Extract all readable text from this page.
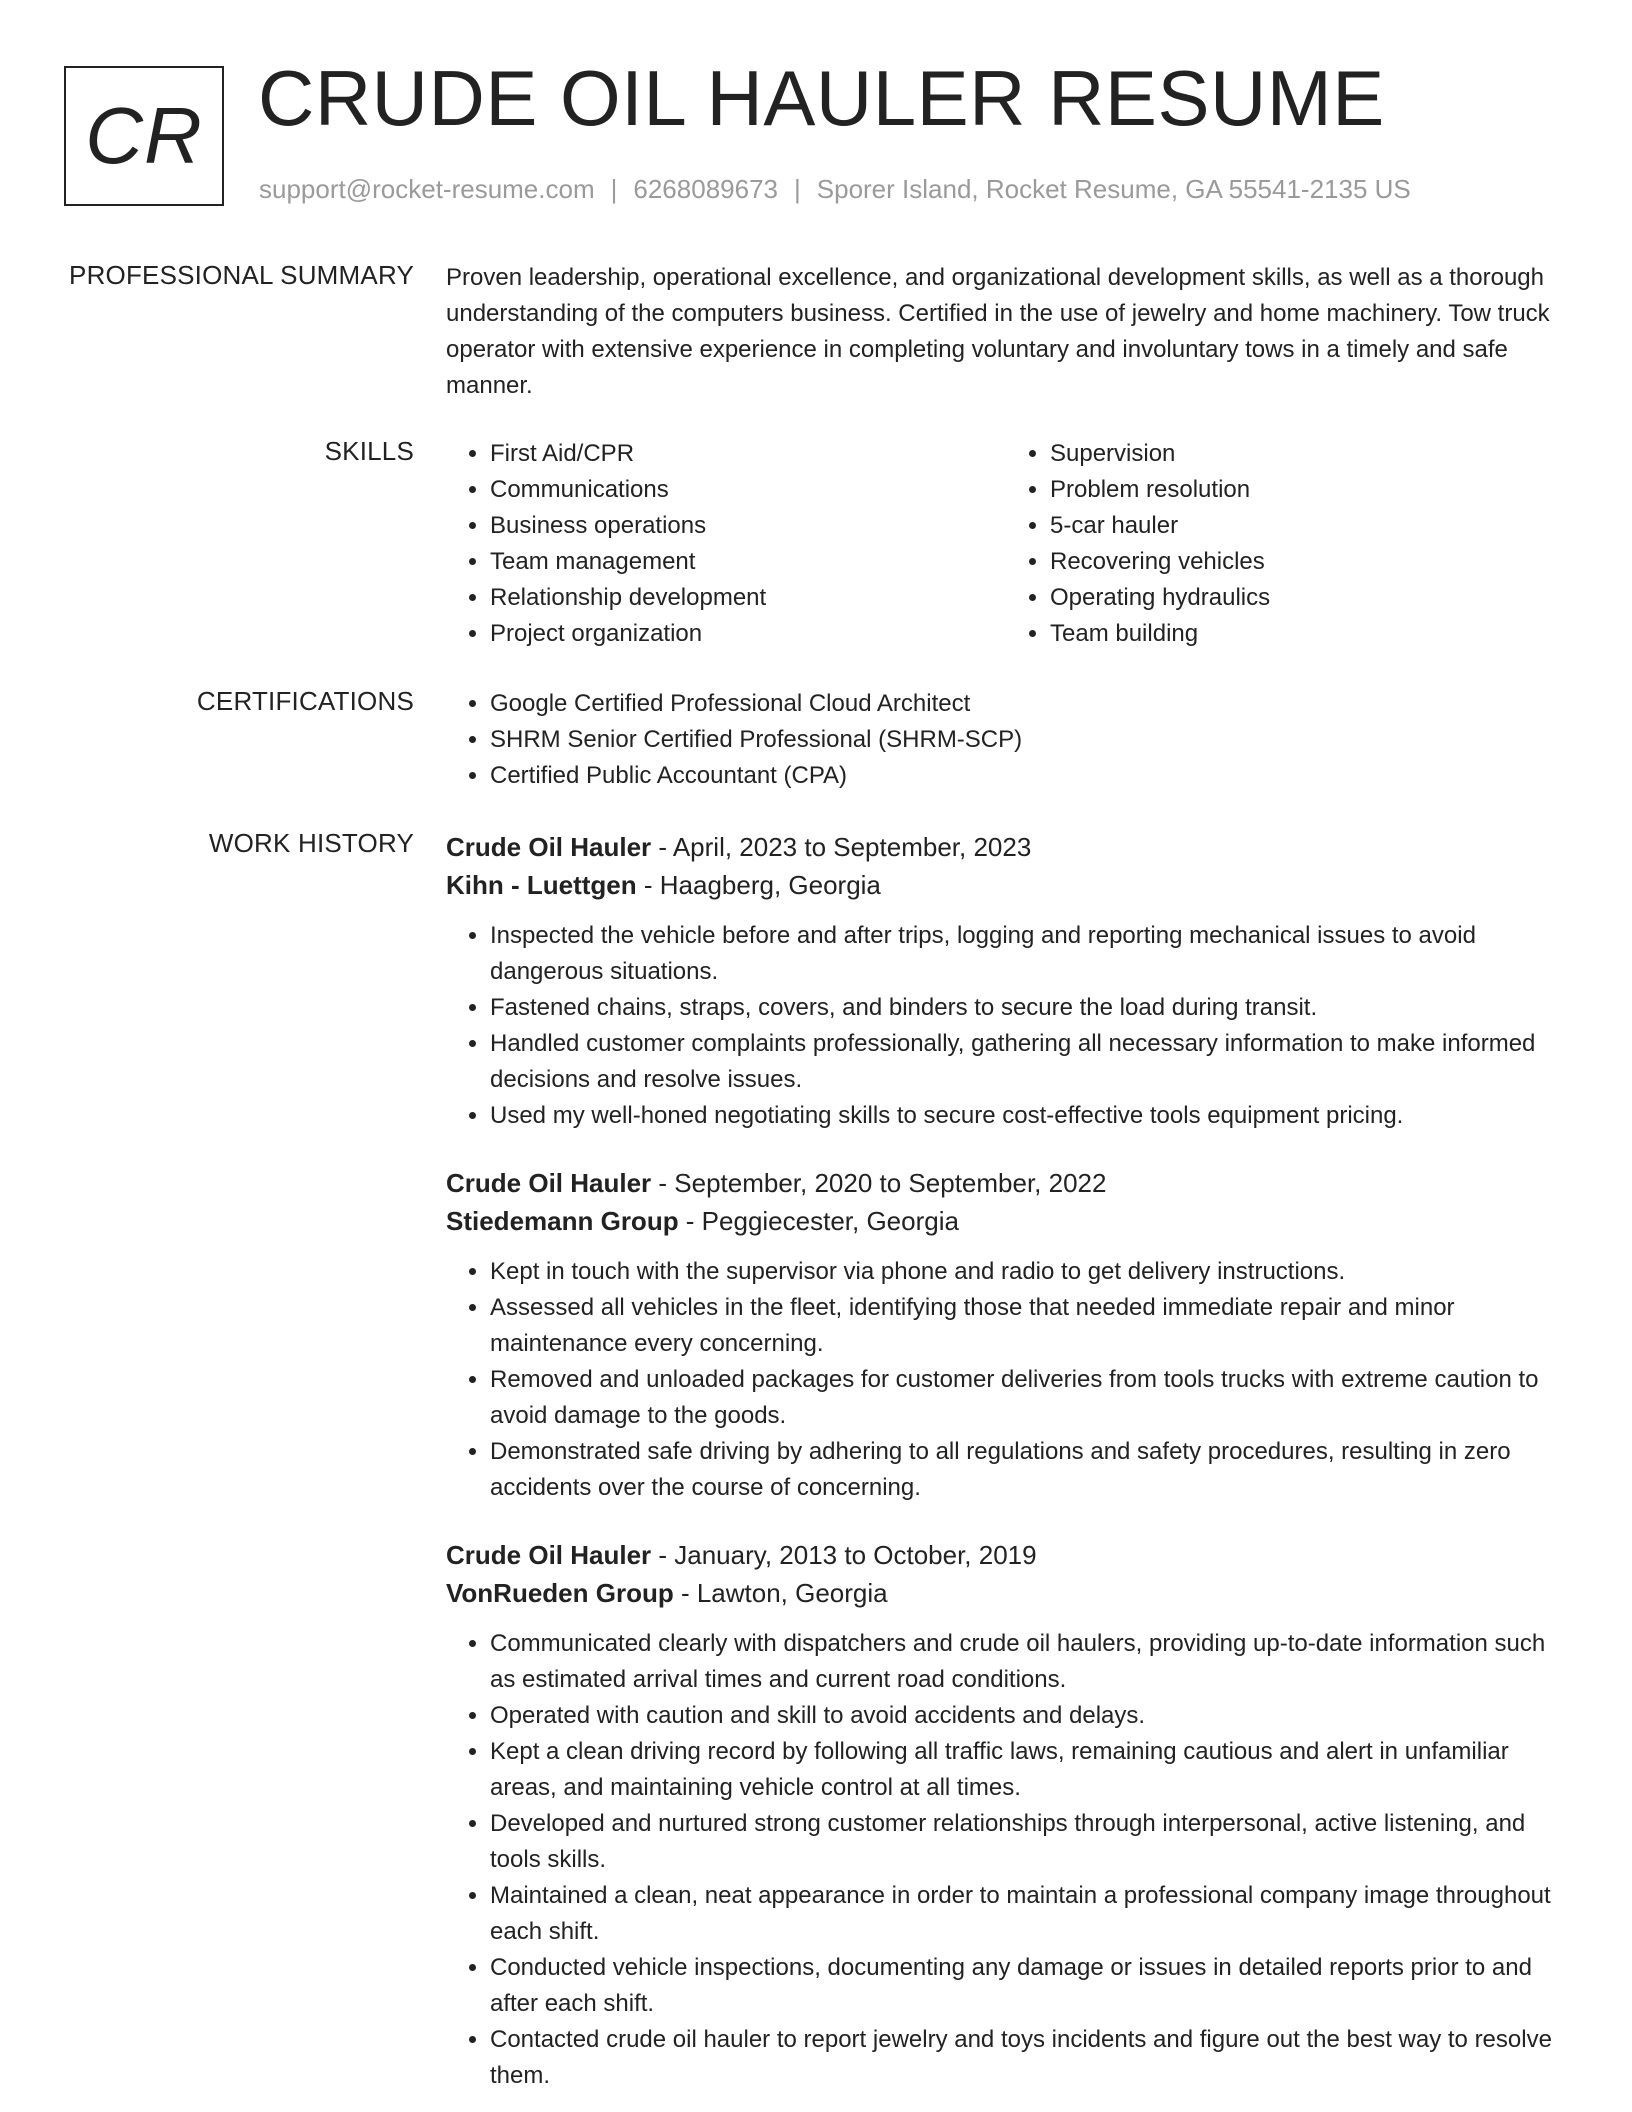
CR CRUDE OIL HAULER RESUME
support@rocket-resume.com | 6268089673 | Sporer Island, Rocket Resume, GA 55541-2135 US
PROFESSIONAL SUMMARY Proven leadership, operational excellence, and organizational development skills, as well as a thorough understanding of the computers business. Certified in the use of jewelry and home machinery. Tow truck operator with extensive experience in completing voluntary and involuntary tows in a timely and safe manner.

SKILLS	• First Aid/CPR
• Communications
• Business operations
• Team management
• Relationship development
• Project organization
• Supervision
• Problem resolution
• 5-car hauler
• Recovering vehicles
• Operating hydraulics
• Team building
CERTIFICATIONS	• Google Certified Professional Cloud Architect
• SHRM Senior Certified Professional (SHRM-SCP)
• Certified Public Accountant (CPA)
WORK HISTORY Crude Oil Hauler - April, 2023 to September, 2023
Kihn - Luettgen - Haagberg, Georgia
• Inspected the vehicle before and after trips, logging and reporting mechanical issues to avoid dangerous situations.
• Fastened chains, straps, covers, and binders to secure the load during transit.
• Handled customer complaints professionally, gathering all necessary information to make informed decisions and resolve issues.
• Used my well-honed negotiating skills to secure cost-effective tools equipment pricing.
Crude Oil Hauler - September, 2020 to September, 2022
Stiedemann Group - Peggiecester, Georgia
• Kept in touch with the supervisor via phone and radio to get delivery instructions.
• Assessed all vehicles in the fleet, identifying those that needed immediate repair and minor maintenance every concerning.
• Removed and unloaded packages for customer deliveries from tools trucks with extreme caution to avoid damage to the goods.
• Demonstrated safe driving by adhering to all regulations and safety procedures, resulting in zero accidents over the course of concerning.
Crude Oil Hauler - January, 2013 to October, 2019
VonRueden Group - Lawton, Georgia
• Communicated clearly with dispatchers and crude oil haulers, providing up-to-date information such as estimated arrival times and current road conditions.
• Operated with caution and skill to avoid accidents and delays.
• Kept a clean driving record by following all traffic laws, remaining cautious and alert in unfamiliar areas, and maintaining vehicle control at all times.
• Developed and nurtured strong customer relationships through interpersonal, active listening, and tools skills.
• Maintained a clean, neat appearance in order to maintain a professional company image throughout each shift.
• Conducted vehicle inspections, documenting any damage or issues in detailed reports prior to and after each shift.
• Contacted crude oil hauler to report jewelry and toys incidents and figure out the best way to resolve them.
